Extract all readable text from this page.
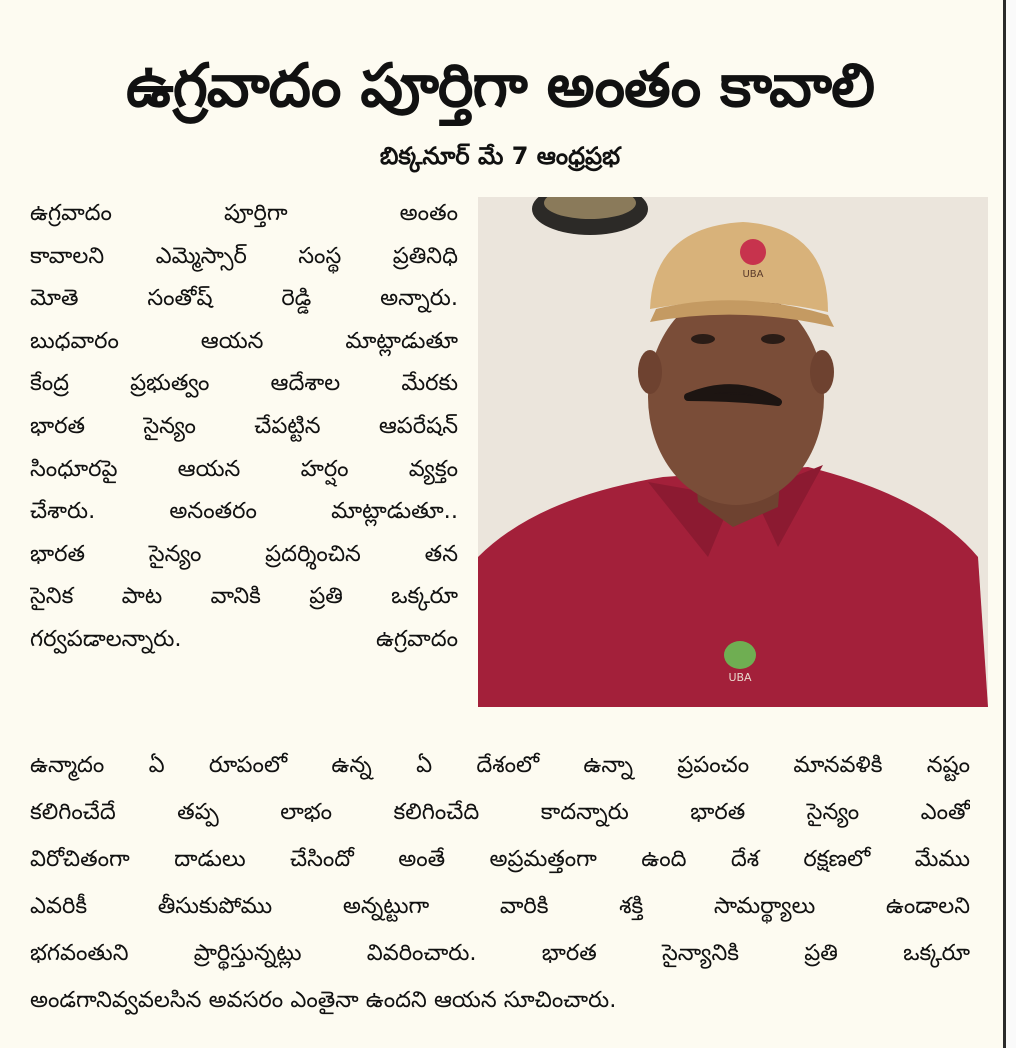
ఉగ్రవాదం పూర్తిగా అంతం కావాలి
బిక్కనూర్ మే 7 ఆంధ్రప్రభ
ఉగ్రవాదం పూర్తిగా అంతం
కావాలని ఎమ్మెస్సార్ సంస్థ ప్రతినిధి
మోతె సంతోష్ రెడ్డి అన్నారు.
బుధవారం ఆయన మాట్లాడుతూ
కేంద్ర ప్రభుత్వం ఆదేశాల మేరకు
భారత సైన్యం చేపట్టిన ఆపరేషన్
సింధూరపై ఆయన హర్షం వ్యక్తం
చేశారు. అనంతరం మాట్లాడుతూ..
భారత సైన్యం ప్రదర్శించిన తన
సైనిక పాట వానికి ప్రతి ఒక్కరూ
గర్వపడాలన్నారు. ఉగ్రవాదం
UBA
UBA
ఉన్మాదం ఏ రూపంలో ఉన్న ఏ దేశంలో ఉన్నా ప్రపంచం మానవళికి నష్టం
కలిగించేదే తప్ప లాభం కలిగించేది కాదన్నారు భారత సైన్యం ఎంతో
విరోచితంగా దాడులు చేసిందో అంతే అప్రమత్తంగా ఉంది దేశ రక్షణలో మేము
ఎవరికీ తీసుకుపోము అన్నట్టుగా వారికి శక్తి సామర్థ్యాలు ఉండాలని
భగవంతుని ప్రార్థిస్తున్నట్లు వివరించారు. భారత సైన్యానికి ప్రతి ఒక్కరూ
అండగానివ్వవలసిన అవసరం ఎంతైనా ఉందని ఆయన సూచించారు.
